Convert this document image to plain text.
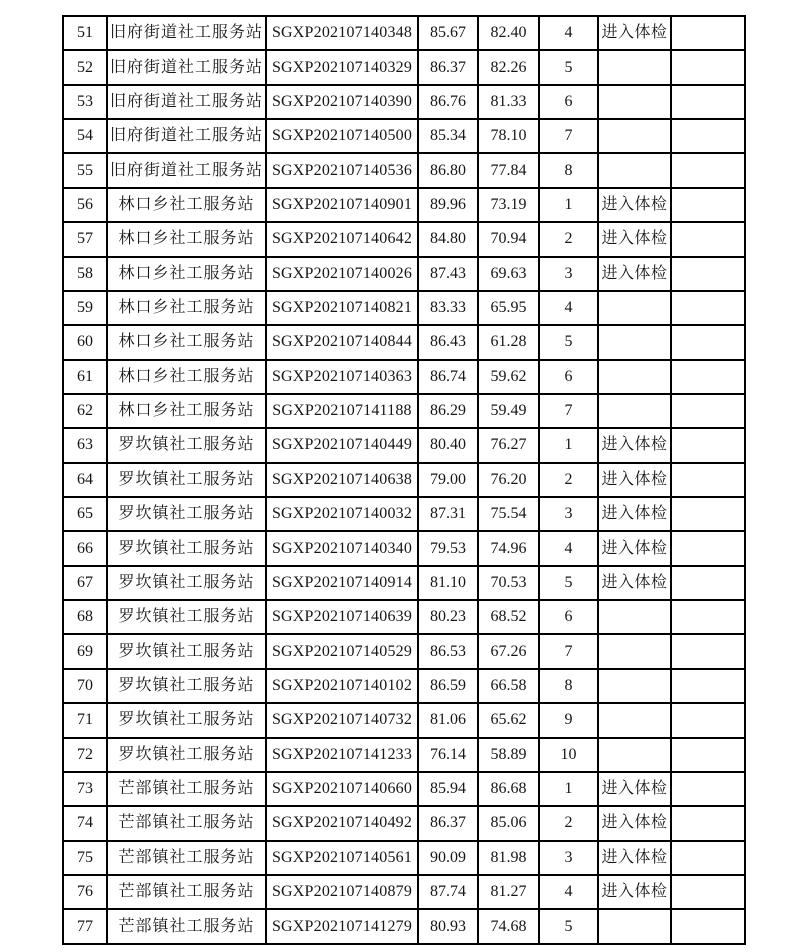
51	旧府街道社工服务站	SGXP202107140348	85.67	82.40	4	进入体检	
52	旧府街道社工服务站	SGXP202107140329	86.37	82.26	5		
53	旧府街道社工服务站	SGXP202107140390	86.76	81.33	6		
54	旧府街道社工服务站	SGXP202107140500	85.34	78.10	7		
55	旧府街道社工服务站	SGXP202107140536	86.80	77.84	8		
56	林口乡社工服务站	SGXP202107140901	89.96	73.19	1	进入体检	
57	林口乡社工服务站	SGXP202107140642	84.80	70.94	2	进入体检	
58	林口乡社工服务站	SGXP202107140026	87.43	69.63	3	进入体检	
59	林口乡社工服务站	SGXP202107140821	83.33	65.95	4		
60	林口乡社工服务站	SGXP202107140844	86.43	61.28	5		
61	林口乡社工服务站	SGXP202107140363	86.74	59.62	6		
62	林口乡社工服务站	SGXP202107141188	86.29	59.49	7		
63	罗坎镇社工服务站	SGXP202107140449	80.40	76.27	1	进入体检	
64	罗坎镇社工服务站	SGXP202107140638	79.00	76.20	2	进入体检	
65	罗坎镇社工服务站	SGXP202107140032	87.31	75.54	3	进入体检	
66	罗坎镇社工服务站	SGXP202107140340	79.53	74.96	4	进入体检	
67	罗坎镇社工服务站	SGXP202107140914	81.10	70.53	5	进入体检	
68	罗坎镇社工服务站	SGXP202107140639	80.23	68.52	6		
69	罗坎镇社工服务站	SGXP202107140529	86.53	67.26	7		
70	罗坎镇社工服务站	SGXP202107140102	86.59	66.58	8		
71	罗坎镇社工服务站	SGXP202107140732	81.06	65.62	9		
72	罗坎镇社工服务站	SGXP202107141233	76.14	58.89	10		
73	芒部镇社工服务站	SGXP202107140660	85.94	86.68	1	进入体检	
74	芒部镇社工服务站	SGXP202107140492	86.37	85.06	2	进入体检	
75	芒部镇社工服务站	SGXP202107140561	90.09	81.98	3	进入体检	
76	芒部镇社工服务站	SGXP202107140879	87.74	81.27	4	进入体检	
77	芒部镇社工服务站	SGXP202107141279	80.93	74.68	5		
